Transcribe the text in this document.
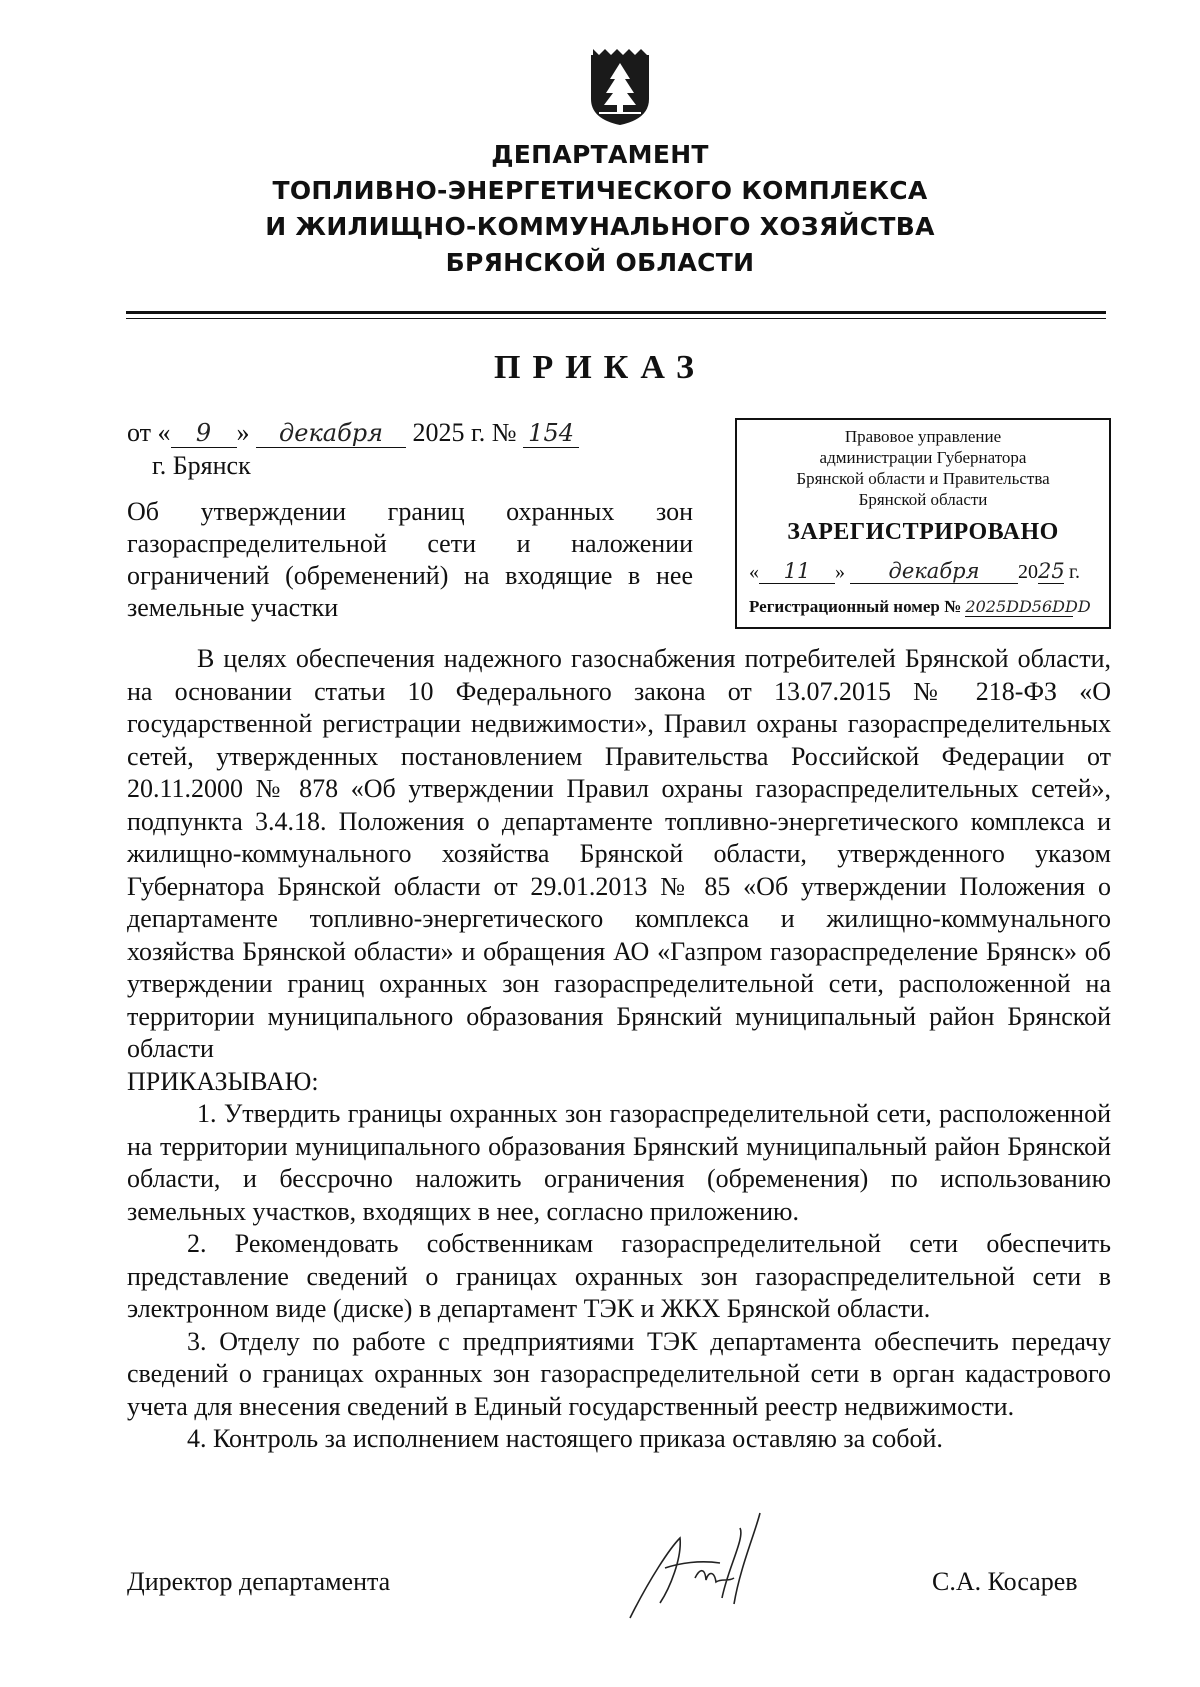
ДЕПАРТАМЕНТ
ТОПЛИВНО-ЭНЕРГЕТИЧЕСКОГО КОМПЛЕКСА
И ЖИЛИЩНО-КОММУНАЛЬНОГО ХОЗЯЙСТВА
БРЯНСКОЙ ОБЛАСТИ
ПРИКАЗ
от « 9 » декабря 2025 г. № 154
г. Брянск
Об утверждении границ охранных зон газораспределительной сети и наложении ограничений (обременений) на входящие в нее земельные участки
Правовое управление
администрации Губернатора
Брянской области и Правительства
Брянской области
ЗАРЕГИСТРИРОВАНО
« 11 » декабря 2025 г.
Регистрационный номер № 2025DD56DDD

В целях обеспечения надежного газоснабжения потребителей Брянской области, на основании статьи 10 Федерального закона от 13.07.2015 № 218-ФЗ «О государственной регистрации недвижимости», Правил охраны газораспределительных сетей, утвержденных постановлением Правительства Российской Федерации от 20.11.2000 № 878 «Об утверждении Правил охраны газораспределительных сетей», подпункта 3.4.18. Положения о департаменте топливно-энергетического комплекса и жилищно-коммунального хозяйства Брянской области, утвержденного указом Губернатора Брянской области от 29.01.2013 № 85 «Об утверждении Положения о департаменте топливно-энергетического комплекса и жилищно-коммунального хозяйства Брянской области» и обращения АО «Газпром газораспределение Брянск» об утверждении границ охранных зон газораспределительной сети, расположенной на территории муниципального образования Брянский муниципальный район Брянской области

ПРИКАЗЫВАЮ:

1. Утвердить границы охранных зон газораспределительной сети, расположенной на территории муниципального образования Брянский муниципальный район Брянской области, и бессрочно наложить ограничения (обременения) по использованию земельных участков, входящих в нее, согласно приложению.

2. Рекомендовать собственникам газораспределительной сети обеспечить представление сведений о границах охранных зон газораспределительной сети в электронном виде (диске) в департамент ТЭК и ЖКХ Брянской области.

3. Отделу по работе с предприятиями ТЭК департамента обеспечить передачу сведений о границах охранных зон газораспределительной сети в орган кадастрового учета для внесения сведений в Единый государственный реестр недвижимости.

4. Контроль за исполнением настоящего приказа оставляю за собой.

Директор департамента	С.А. Косарев
